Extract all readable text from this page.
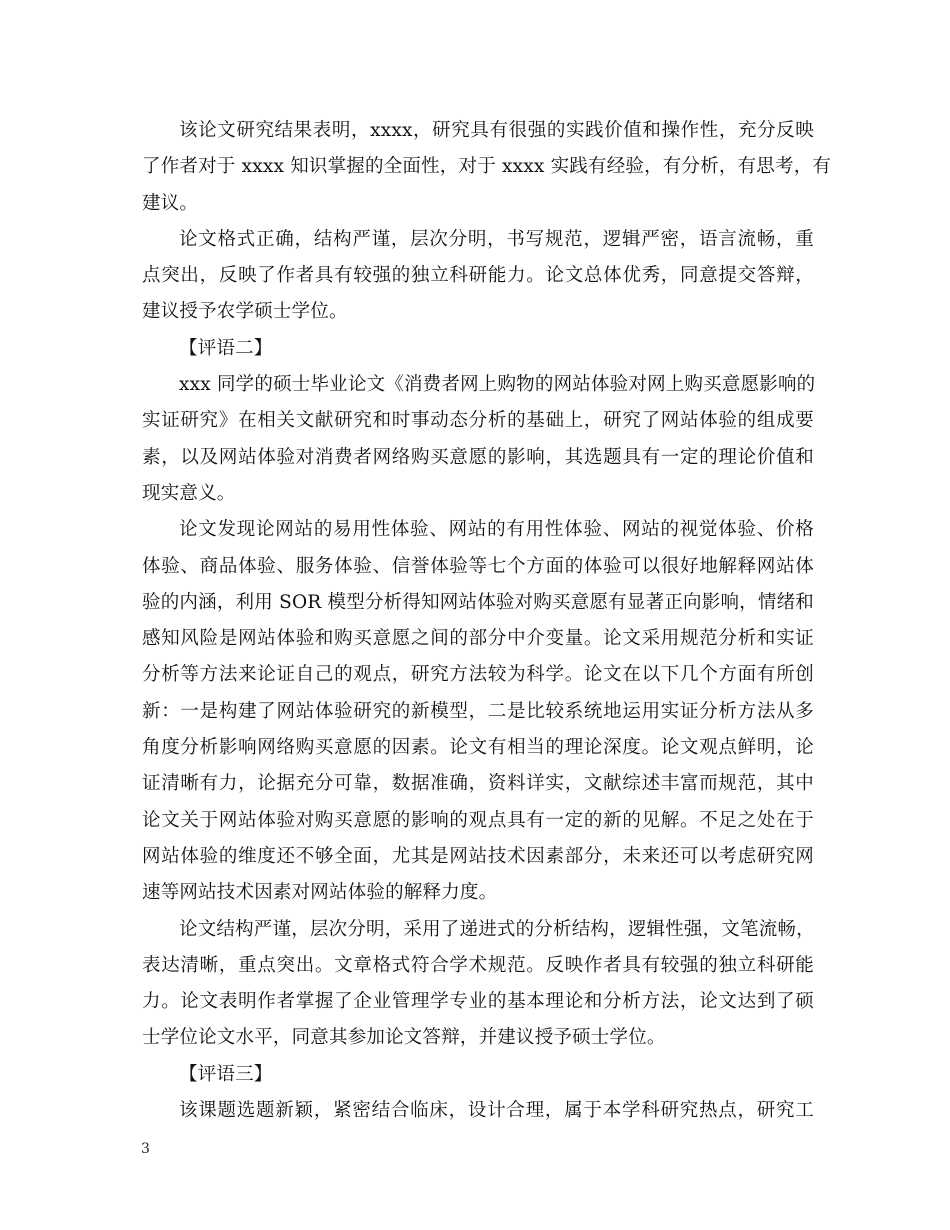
该论文研究结果表明，xxxx，研究具有很强的实践价值和操作性，充分反映
了作者对于 xxxx 知识掌握的全面性，对于 xxxx 实践有经验，有分析，有思考，有
建议。
论文格式正确，结构严谨，层次分明，书写规范，逻辑严密，语言流畅，重
点突出，反映了作者具有较强的独立科研能力。论文总体优秀，同意提交答辩，
建议授予农学硕士学位。
【评语二】
xxx 同学的硕士毕业论文《消费者网上购物的网站体验对网上购买意愿影响的
实证研究》在相关文献研究和时事动态分析的基础上，研究了网站体验的组成要
素，以及网站体验对消费者网络购买意愿的影响，其选题具有一定的理论价值和
现实意义。
论文发现论网站的易用性体验、网站的有用性体验、网站的视觉体验、价格
体验、商品体验、服务体验、信誉体验等七个方面的体验可以很好地解释网站体
验的内涵，利用 SOR 模型分析得知网站体验对购买意愿有显著正向影响，情绪和
感知风险是网站体验和购买意愿之间的部分中介变量。论文采用规范分析和实证
分析等方法来论证自己的观点，研究方法较为科学。论文在以下几个方面有所创
新：一是构建了网站体验研究的新模型，二是比较系统地运用实证分析方法从多
角度分析影响网络购买意愿的因素。论文有相当的理论深度。论文观点鲜明，论
证清晰有力，论据充分可靠，数据准确，资料详实，文献综述丰富而规范，其中
论文关于网站体验对购买意愿的影响的观点具有一定的新的见解。不足之处在于
网站体验的维度还不够全面，尤其是网站技术因素部分，未来还可以考虑研究网
速等网站技术因素对网站体验的解释力度。
论文结构严谨，层次分明，采用了递进式的分析结构，逻辑性强，文笔流畅，
表达清晰，重点突出。文章格式符合学术规范。反映作者具有较强的独立科研能
力。论文表明作者掌握了企业管理学专业的基本理论和分析方法，论文达到了硕
士学位论文水平，同意其参加论文答辩，并建议授予硕士学位。
【评语三】
该课题选题新颖，紧密结合临床，设计合理，属于本学科研究热点，研究工
3
